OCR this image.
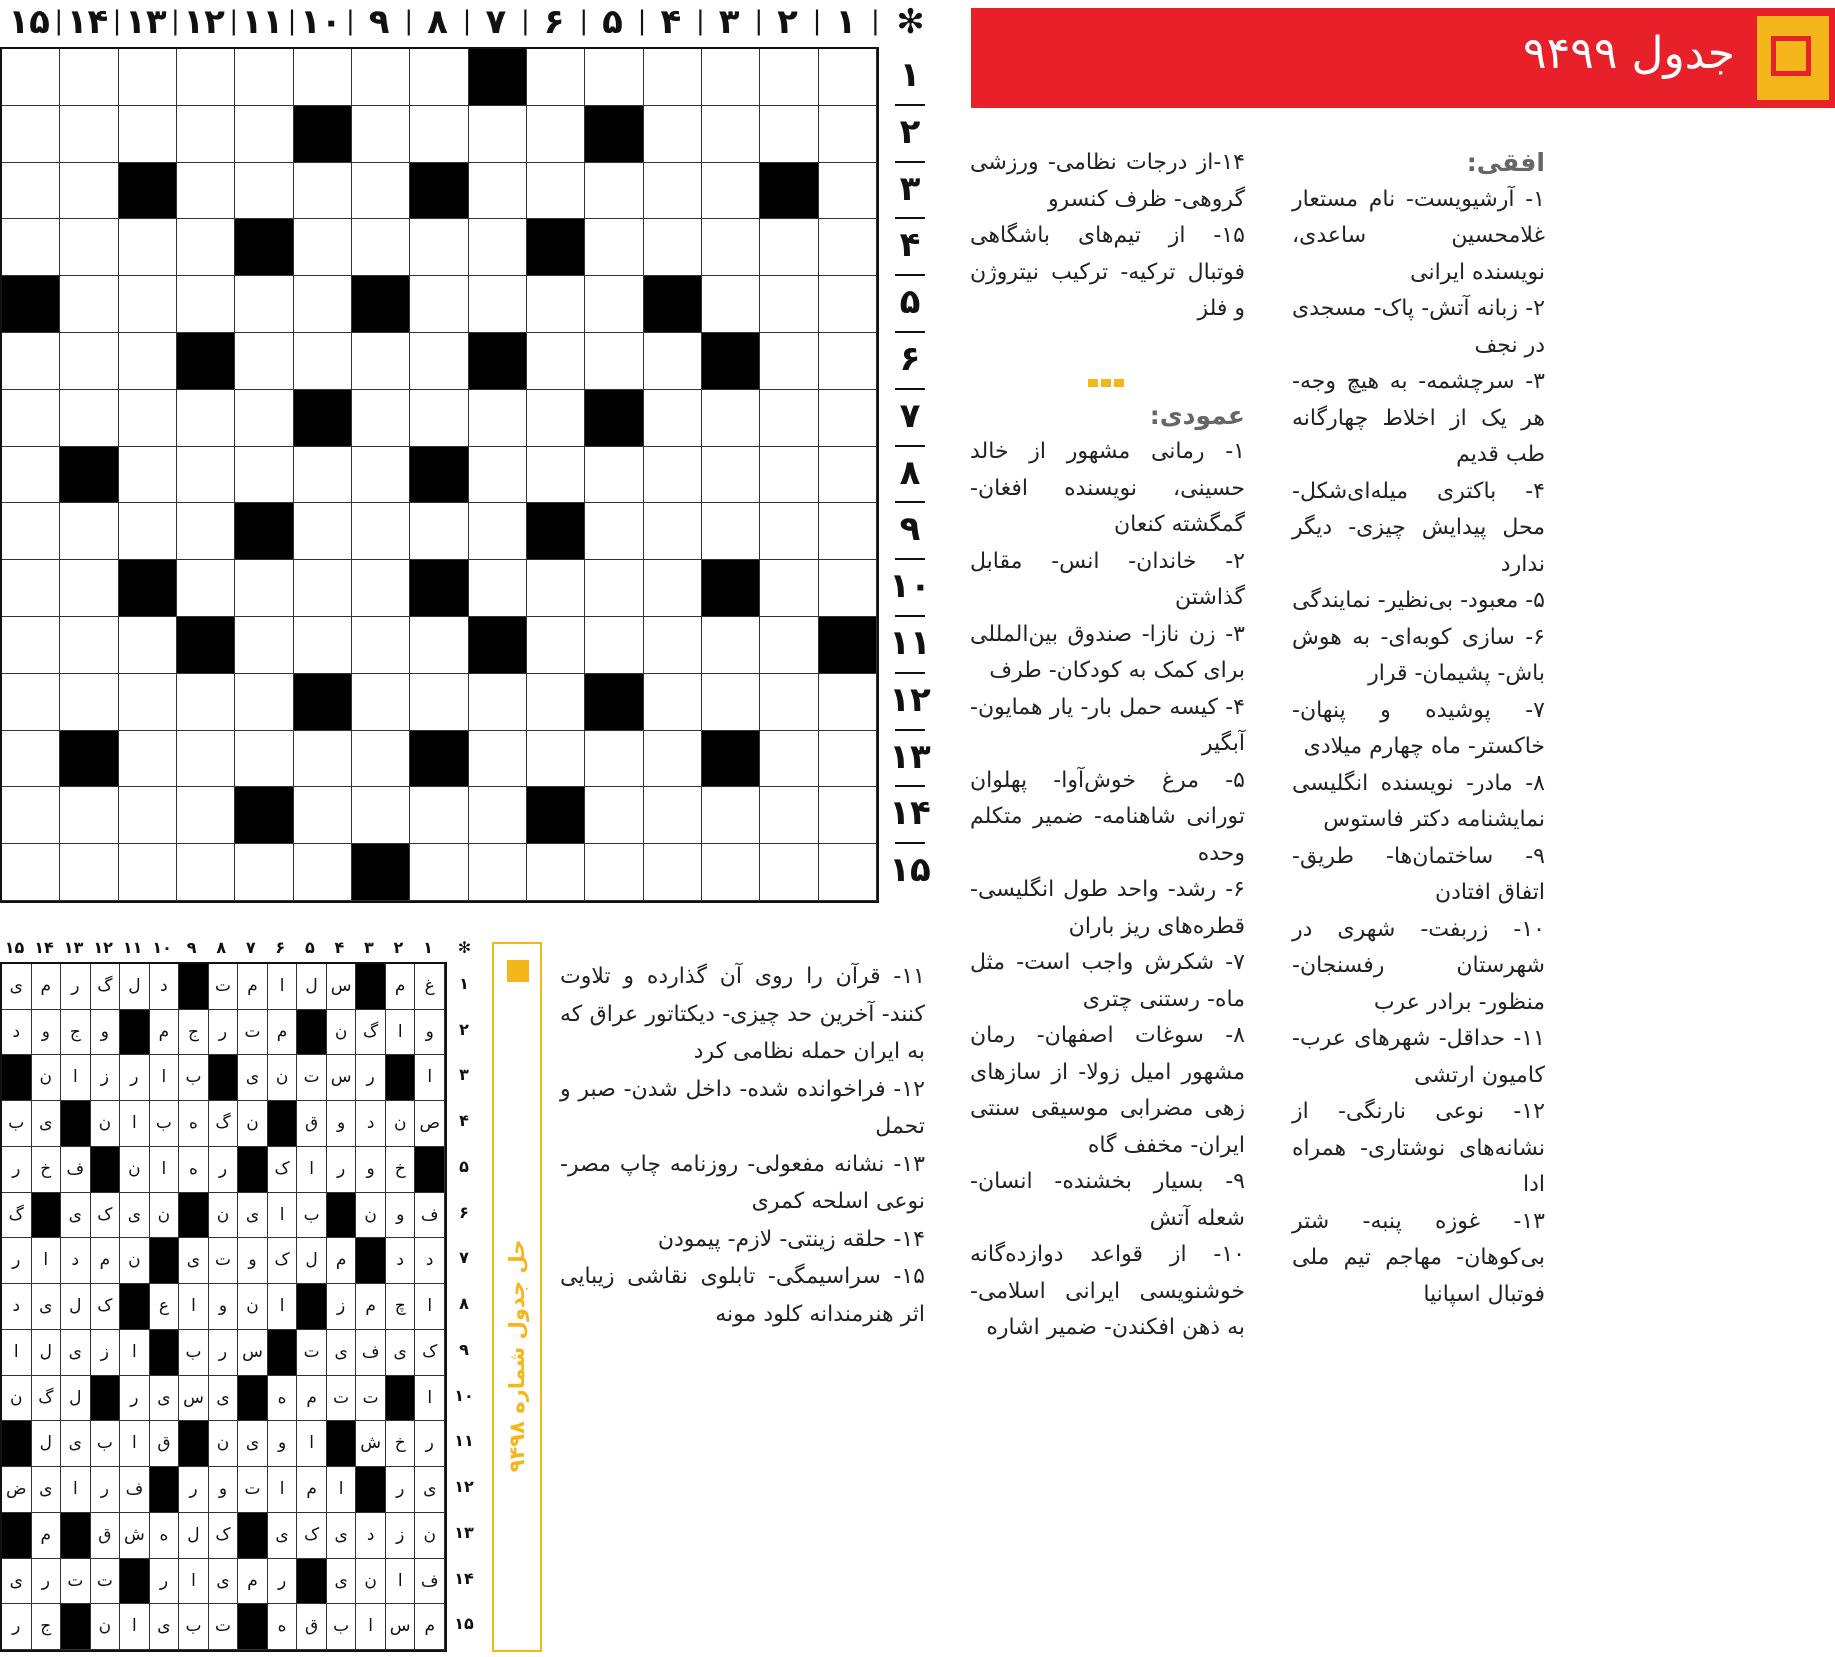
✻
۱ |
۲ |
۳ |
۴ |
۵ |
۶ |
۷ |
۸ |
۹ |
۱۰ |
۱۱ |
۱۲ |
۱۳ |
۱۴ |
۱۵ |
۱
۲
۳
۴
۵
۶
۷
۸
۹
۱۰
۱۱
۱۲
۱۳
۱۴
۱۵
جدول ۹۴۹۹
افقی:
۱- آرشیویست- نام مستعار غلامحسین ساعدی، نویسنده ایرانی
۲- زبانه آتش- پاک- مسجدی در نجف
۳- سرچشمه- به هیچ وجه- هر یک از اخلاط چهارگانه طب قدیم
۴- باکتری میله‌ای‌شکل- محل پیدایش چیزی- دیگر ندارد
۵- معبود- بی‌نظیر- نمایندگی
۶- سازی کوبه‌ای- به هوش باش- پشیمان- قرار
۷- پوشیده و پنهان- خاکستر- ماه چهارم میلادی
۸- مادر- نویسنده انگلیسی نمایشنامه دکتر فاستوس
۹- ساختمان‌ها- طریق- اتفاق افتادن
۱۰- زربفت- شهری در شهرستان رفسنجان- منظور- برادر عرب
۱۱- حداقل- شهرهای عرب- کامیون ارتشی
۱۲- نوعی نارنگی- از نشانه‌های نوشتاری- همراه ادا
۱۳- غوزه پنبه- شتر بی‌کوهان- مهاجم تیم ملی فوتبال اسپانیا
۱۴-از درجات نظامی- ورزشی گروهی- ظرف کنسرو
۱۵- از تیم‌های باشگاهی فوتبال ترکیه- ترکیب نیتروژن و فلز
عمودی:
۱- رمانی مشهور از خالد حسینی، نویسنده افغان- گمگشته کنعان
۲- خاندان- انس- مقابل گذاشتن
۳- زن نازا- صندوق بین‌المللی برای کمک به کودکان- طرف
۴- کیسه حمل بار- یار همایون- آبگیر
۵- مرغ خوش‌آوا- پهلوان تورانی شاهنامه- ضمیر متکلم وحده
۶- رشد- واحد طول انگلیسی- قطره‌های ریز باران
۷- شکرش واجب است- مثل ماه- رستنی چتری
۸- سوغات اصفهان- رمان مشهور امیل زولا- از سازهای زهی مضرابی موسیقی سنتی ایران- مخفف گاه
۹- بسیار بخشنده- انسان- شعله آتش
۱۰- از قواعد دوازده‌گانه خوشنویسی ایرانی اسلامی- به ذهن افکندن- ضمیر اشاره
۱۱- قرآن را روی آن گذارده و تلاوت کنند- آخرین حد چیزی- دیکتاتور عراق که به ایران حمله نظامی کرد
۱۲- فراخوانده شده- داخل شدن- صبر و تحمل
۱۳- نشانه مفعولی- روزنامه چاپ مصر- نوعی اسلحه کمری
۱۴- حلقه زینتی- لازم- پیمودن
۱۵- سراسیمگی- تابلوی نقاشی زیبایی اثر هنرمندانه کلود مونه
حل جدول شماره ۹۴۹۸
✻
۱
۲
۳
۴
۵
۶
۷
۸
۹
۱۰
۱۱
۱۲
۱۳
۱۴
۱۵
غ
م
س
ل
ا
م
ت
د
ل
گ
ر
م
ی
و
ا
گ
ن
م
ت
ر
ج
م
و
ج
و
د
ا
ر
س
ت
ن
ی
ب
ا
ر
ز
ا
ن
ص
ن
د
و
ق
ن
گ
ه
ب
ا
ن
ی
ب
خ
و
ر
ا
ک
ر
ه
ا
ن
ف
خ
ر
ف
و
ن
ب
ا
ی
ن
ن
ی
ک
ی
گ
د
د
م
ل
ک
و
ت
ی
ن
م
د
ا
ر
ا
چ
م
ز
ا
ن
و
ا
ع
ک
ل
ی
د
ک
ی
ف
ی
ت
س
ر
ب
ا
ز
ی
ل
ا
ا
ت
ت
م
ه
ی
س
ی
ر
ل
گ
ن
ر
خ
ش
ا
و
ی
ن
ق
ا
ب
ی
ل
ی
ر
ا
م
ا
ت
و
ر
ف
ر
ا
ی
ض
ن
ز
د
ی
ک
ی
ک
ل
ه
ش
ق
م
ف
ا
ن
ی
ر
م
ی
ا
ر
ت
ت
ر
ی
م
س
ا
ب
ق
ه
ت
ب
ی
ا
ن
ج
ر
۱
۲
۳
۴
۵
۶
۷
۸
۹
۱۰
۱۱
۱۲
۱۳
۱۴
۱۵
